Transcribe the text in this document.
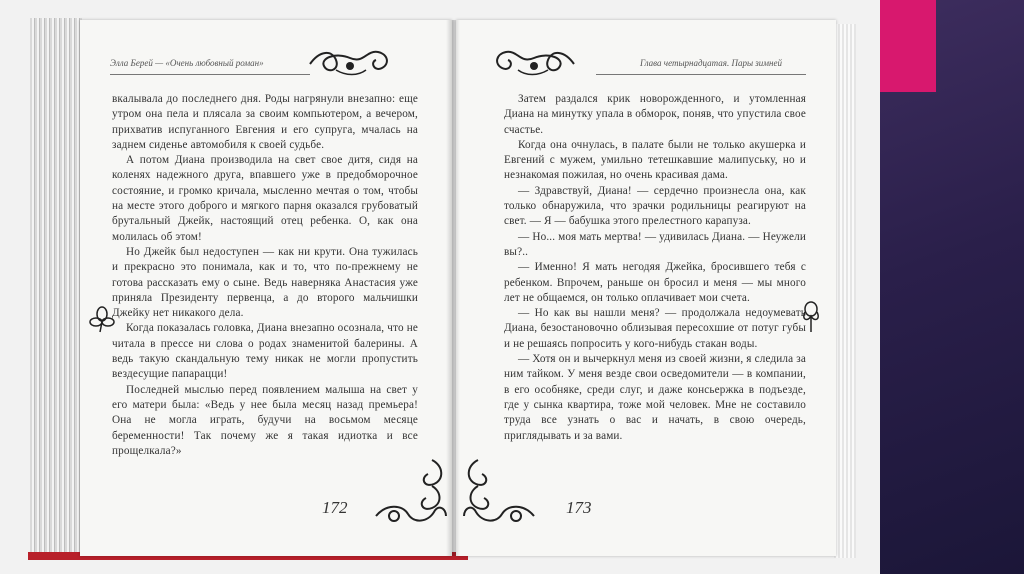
Элла Берей — «Очень любовный роман»	Глава четырнадцатая. Пары зимней

вкалывала до последнего дня. Роды нагрянули внезапно: еще утром она пела и плясала за своим компьютером, а вечером, прихватив испуганного Евгения и его супруга, мчалась на заднем сиденье автомобиля к своей судьбе.

А потом Диана производила на свет свое дитя, сидя на коленях надежного друга, впавшего уже в предобморочное состояние, и громко кричала, мысленно мечтая о том, чтобы на месте этого доброго и мягкого парня оказался грубоватый брутальный Джейк, настоящий отец ребенка. О, как она молилась об этом!

Но Джейк был недоступен — как ни крути. Она тужилась и прекрасно это понимала, как и то, что по-прежнему не готова рассказать ему о сыне. Ведь наверняка Анастасия уже приняла Президенту первенца, а до второго мальчишки Джейку нет никакого дела.

Когда показалась головка, Диана внезапно осознала, что не читала в прессе ни слова о родах знаменитой балерины. А ведь такую скандальную тему никак не могли пропустить вездесущие папарацци!

Последней мыслью перед появлением малыша на свет у его матери была: «Ведь у нее была месяц назад премьера! Она не могла играть, будучи на восьмом месяце беременности! Так почему же я такая идиотка и все прощелкала?»

Затем раздался крик новорожденного, и утомленная Диана на минутку упала в обморок, поняв, что упустила свое счастье.

Когда она очнулась, в палате были не только акушерка и Евгений с мужем, умильно тетешкавшие малипуську, но и незнакомая пожилая, но очень красивая дама.

— Здравствуй, Диана! — сердечно произнесла она, как только обнаружила, что зрачки родильницы реагируют на свет. — Я — бабушка этого прелестного карапуза.

— Но... моя мать мертва! — удивилась Диана. — Неужели вы?..

— Именно! Я мать негодяя Джейка, бросившего тебя с ребенком. Впрочем, раньше он бросил и меня — мы много лет не общаемся, он только оплачивает мои счета.

— Но как вы нашли меня? — продолжала недоумевать Диана, безостановочно облизывая пересохшие от потуг губы и не решаясь попросить у кого-нибудь стакан воды.

— Хотя он и вычеркнул меня из своей жизни, я следила за ним тайком. У меня везде свои осведомители — в компании, в его особняке, среди слуг, и даже консьержка в подъезде, где у сынка квартира, тоже мой человек. Мне не составило труда все узнать о вас и начать, в свою очередь, приглядывать и за вами.

172	173
